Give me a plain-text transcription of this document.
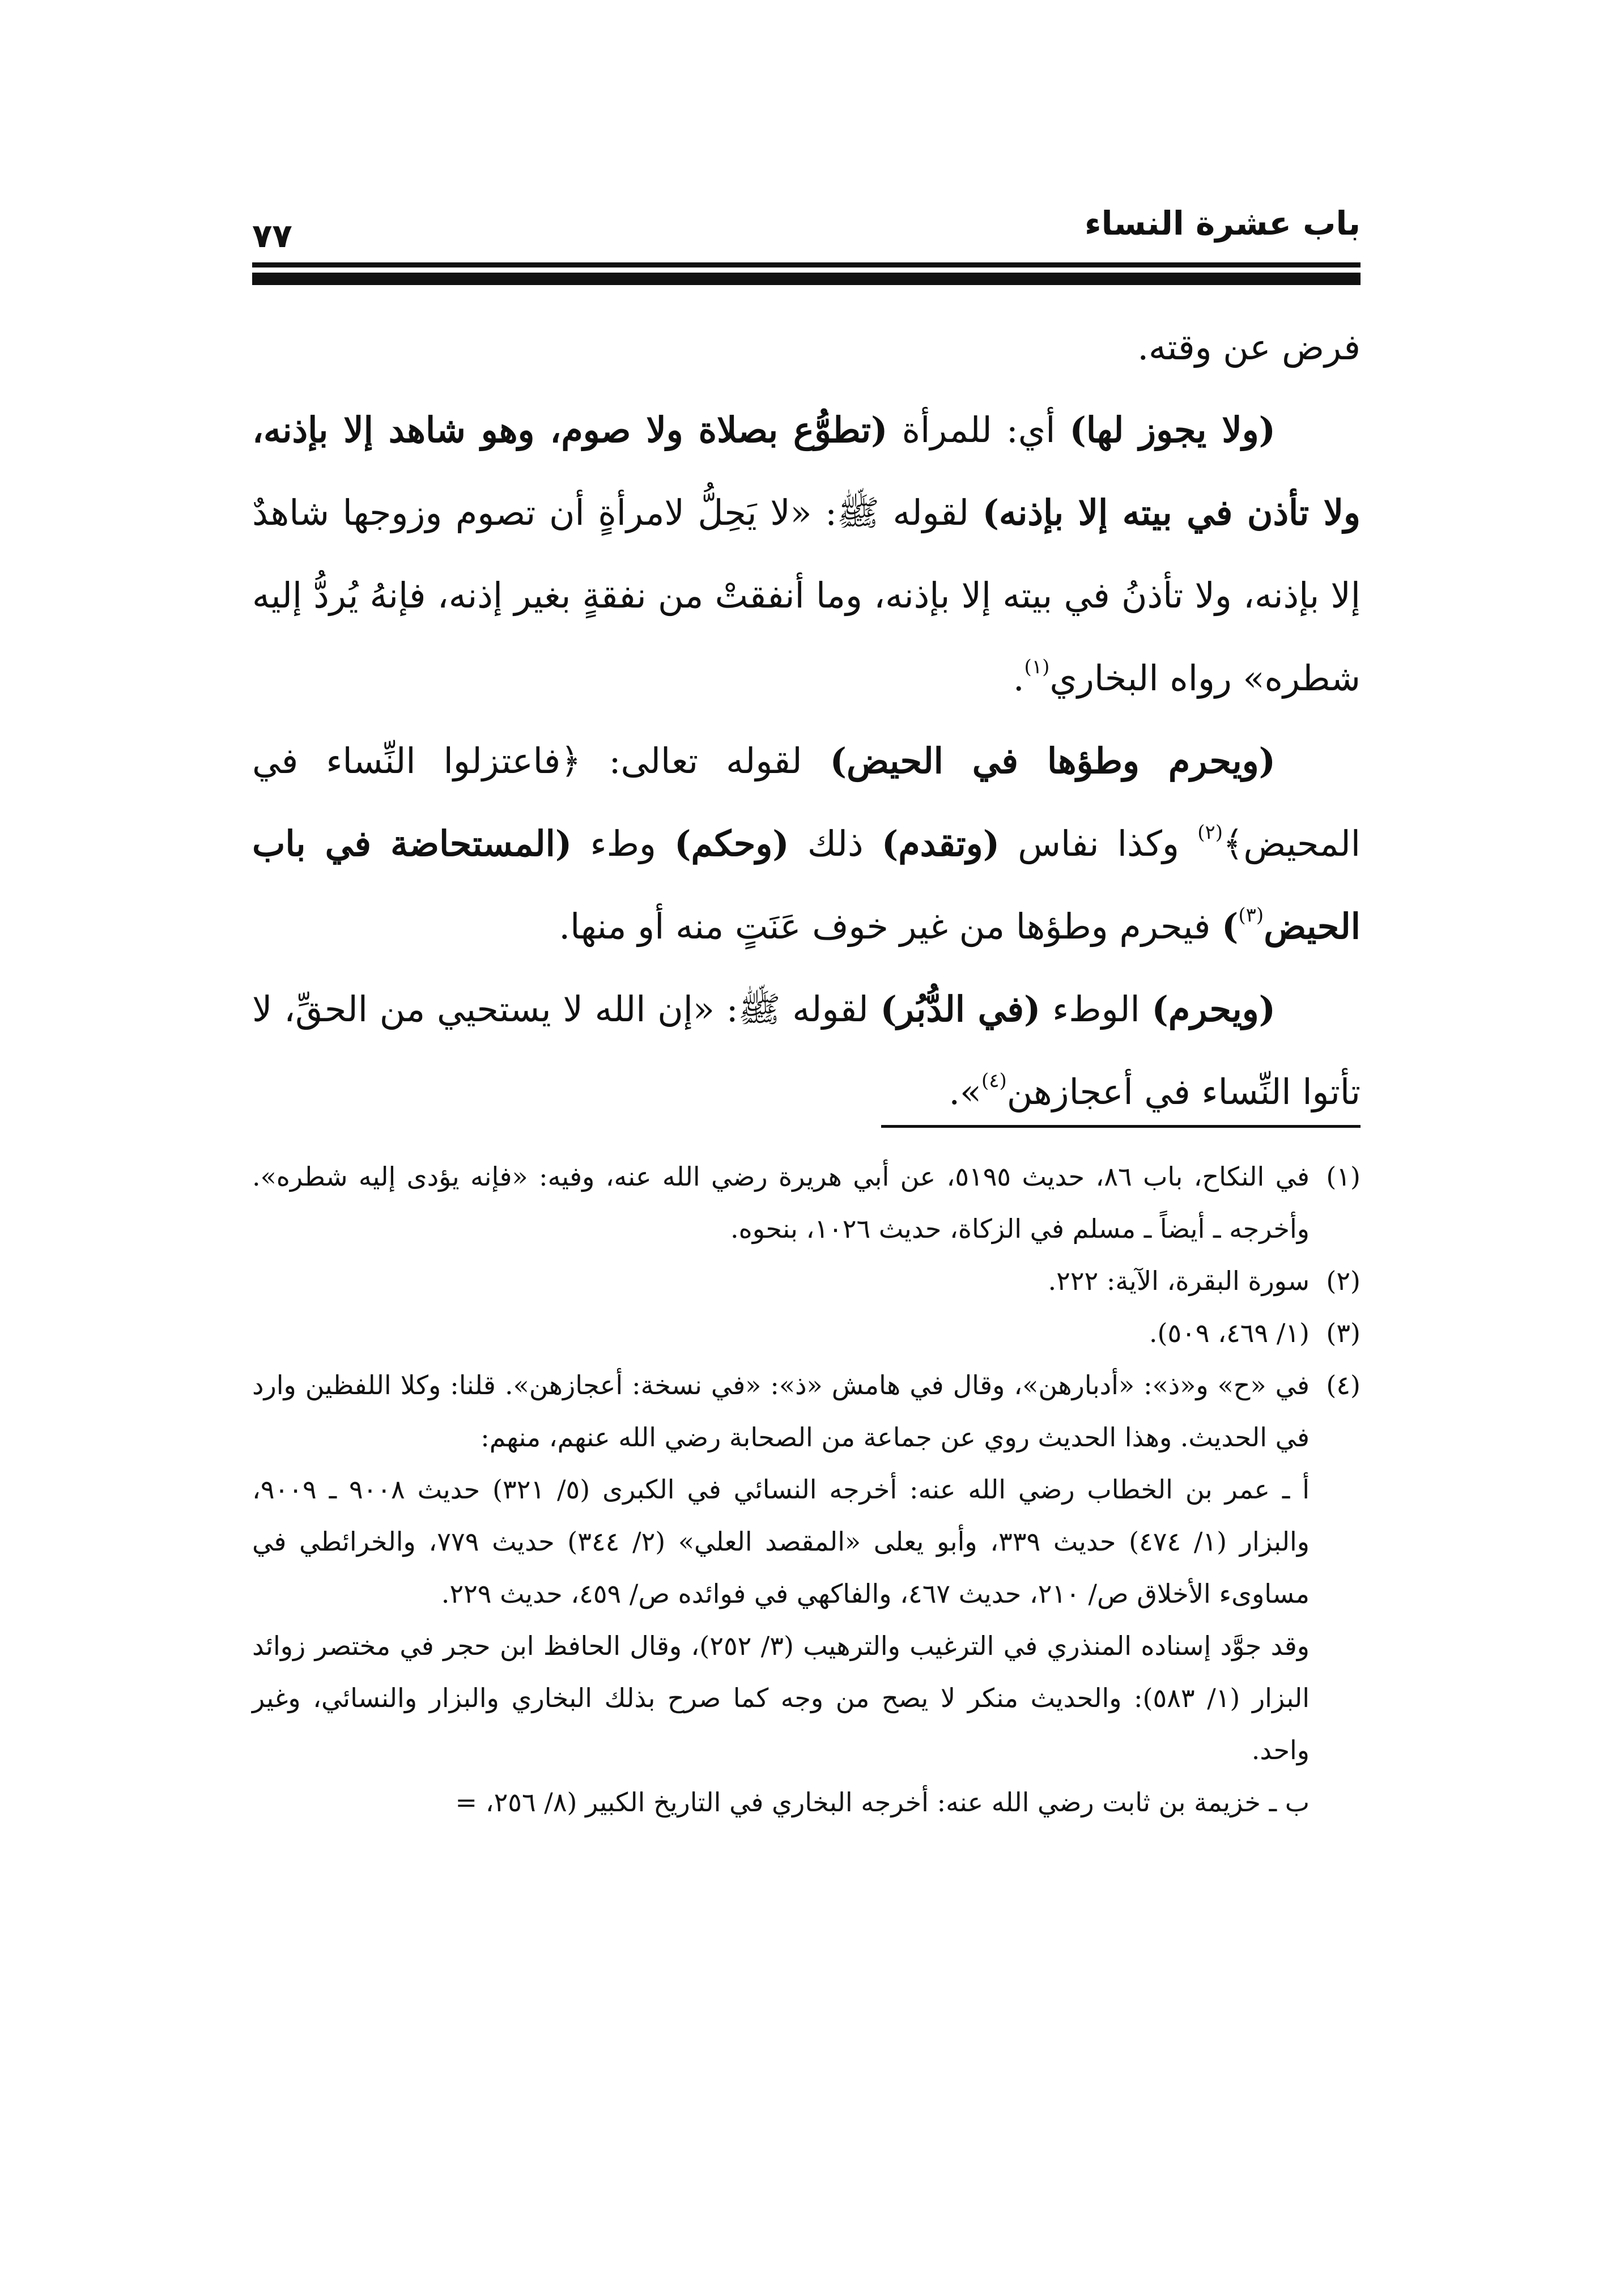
باب عشرة النساء
٧٧

فرض عن وقته.

(ولا يجوز لها) أي: للمرأة (تطوُّع بصلاة ولا صوم، وهو شاهد إلا بإذنه، ولا تأذن في بيته إلا بإذنه) لقوله ﷺ: «لا يَحِلُّ لامرأةٍ أن تصوم وزوجها شاهدٌ إلا بإذنه، ولا تأذنُ في بيته إلا بإذنه، وما أنفقتْ من نفقةٍ بغير إذنه، فإنهُ يُردُّ إليه شطره» رواه البخاري$^{(١)}$.

(ويحرم وطؤها في الحيض) لقوله تعالى: ﴿فاعتزلوا النِّساء في المحيض﴾$^{(٢)}$ وكذا نفاس (وتقدم) ذلك (وحكم) وطء (المستحاضة في باب الحيض$^{(٣)}$) فيحرم وطؤها من غير خوف عَنَتٍ منه أو منها.

(ويحرم) الوطء (في الدُّبُر) لقوله ﷺ: «إن الله لا يستحيي من الحقِّ، لا تأتوا النِّساء في أعجازهن$^{(٤)}$».

(١)

في النكاح، باب ٨٦، حديث ٥١٩٥، عن أبي هريرة رضي الله عنه، وفيه: «فإنه يؤدى إليه شطره». وأخرجه ـ أيضاً ـ مسلم في الزكاة، حديث ١٠٢٦، بنحوه.

(٢)

سورة البقرة، الآية: ٢٢٢.

(٣)

(١/ ٤٦٩، ٥٠٩).

(٤)

في «ح» و«ذ»: «أدبارهن»، وقال في هامش «ذ»: «في نسخة: أعجازهن». قلنا: وكلا اللفظين وارد في الحديث. وهذا الحديث روي عن جماعة من الصحابة رضي الله عنهم، منهم:

أ ـ عمر بن الخطاب رضي الله عنه: أخرجه النسائي في الكبرى (٥/ ٣٢١) حديث ٩٠٠٨ ـ ٩٠٠٩، والبزار (١/ ٤٧٤) حديث ٣٣٩، وأبو يعلى «المقصد العلي» (٢/ ٣٤٤) حديث ٧٧٩، والخرائطي في مساوىء الأخلاق ص/ ٢١٠، حديث ٤٦٧، والفاكهي في فوائده ص/ ٤٥٩، حديث ٢٢٩.

وقد جوَّد إسناده المنذري في الترغيب والترهيب (٣/ ٢٥٢)، وقال الحافظ ابن حجر في مختصر زوائد البزار (١/ ٥٨٣): والحديث منكر لا يصح من وجه كما صرح بذلك البخاري والبزار والنسائي، وغير واحد.

ب ـ خزيمة بن ثابت رضي الله عنه: أخرجه البخاري في التاريخ الكبير (٨/ ٢٥٦، =
